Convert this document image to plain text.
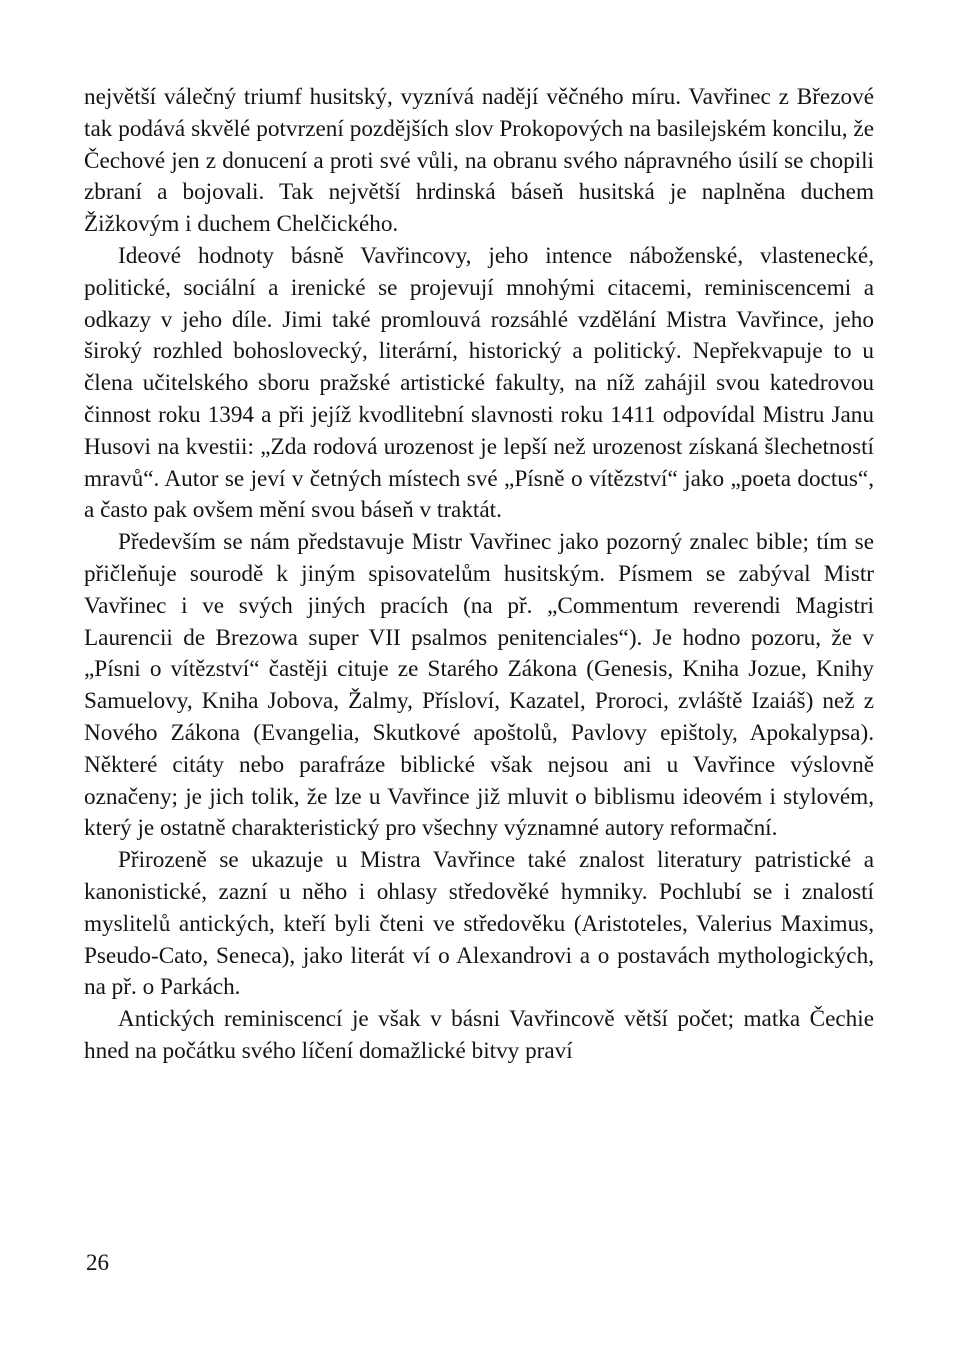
největší válečný triumf husitský, vyznívá nadějí věčného míru. Vavřinec z Březové tak podává skvělé potvrzení pozdějších slov Prokopových na basilejském koncilu, že Čechové jen z donucení a proti své vůli, na obranu svého nápravného úsilí se chopili zbraní a bojovali. Tak největší hrdinská báseň husitská je naplněna duchem Žižkovým i duchem Chelčického.

Ideové hodnoty básně Vavřincovy, jeho intence náboženské, vlastenecké, politické, sociální a irenické se projevují mnohými citacemi, reminiscencemi a odkazy v jeho díle. Jimi také promlouvá rozsáhlé vzdělání Mistra Vavřince, jeho široký rozhled bohoslovecký, literární, historický a politický. Nepřekvapuje to u člena učitelského sboru pražské artistické fakulty, na níž zahájil svou katedrovou činnost roku 1394 a při jejíž kvodlitební slavnosti roku 1411 odpovídal Mistru Janu Husovi na kvestii: „Zda rodová urozenost je lepší než urozenost získaná šlechetností mravů“. Autor se jeví v četných místech své „Písně o vítězství“ jako „poeta doctus“, a často pak ovšem mění svou báseň v traktát.

Především se nám představuje Mistr Vavřinec jako pozorný znalec bible; tím se přičleňuje sourodě k jiným spisovatelům husitským. Písmem se zabýval Mistr Vavřinec i ve svých jiných pracích (na př. „Commentum reverendi Magistri Laurencii de Brezowa super VII psalmos penitenciales“). Je hodno pozoru, že v „Písni o vítězství“ častěji cituje ze Starého Zákona (Genesis, Kniha Jozue, Knihy Samuelovy, Kniha Jobova, Žalmy, Přísloví, Kazatel, Proroci, zvláště Izaiáš) než z Nového Zákona (Evangelia, Skutkové apoštolů, Pavlovy epištoly, Apokalypsa). Některé citáty nebo parafráze biblické však nejsou ani u Vavřince výslovně označeny; je jich tolik, že lze u Vavřince již mluvit o biblismu ideovém i stylovém, který je ostatně charakteristický pro všechny významné autory reformační.

Přirozeně se ukazuje u Mistra Vavřince také znalost literatury patristické a kanonistické, zazní u něho i ohlasy středověké hymniky. Pochlubí se i znalostí myslitelů antických, kteří byli čteni ve středověku (Aristoteles, Valerius Maximus, Pseudo-Cato, Seneca), jako literát ví o Alexandrovi a o postavách mythologických, na př. o Parkách.

Antických reminiscencí je však v básni Vavřincově větší počet; matka Čechie hned na počátku svého líčení domažlické bitvy praví

26
